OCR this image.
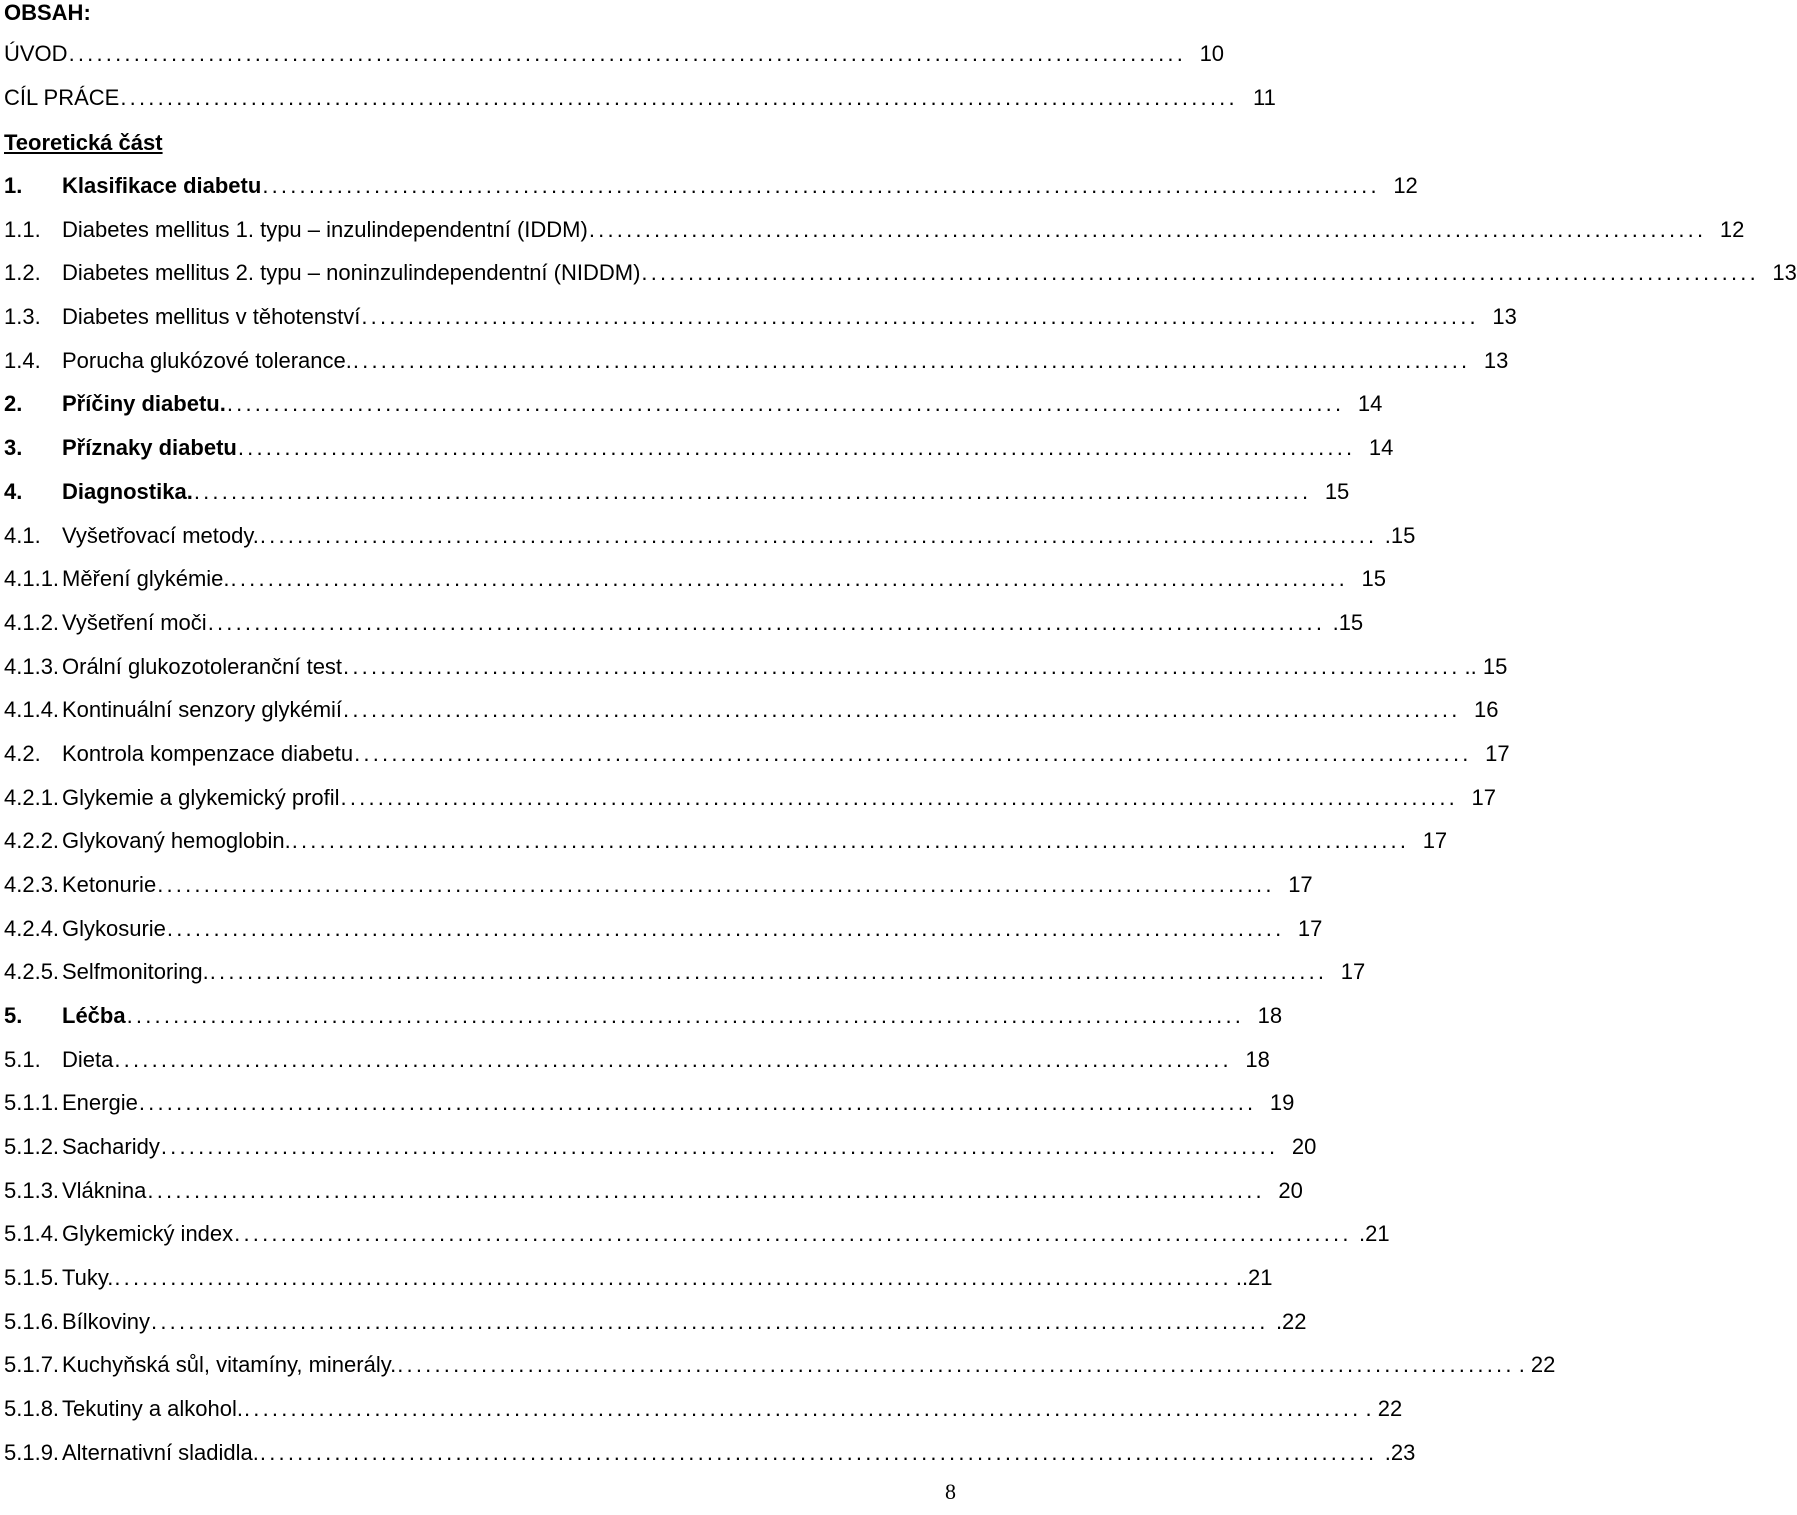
OBSAH:
Teoretická část
ÚVOD ........................................................................................................................ 10
CÍL PRÁCE ........................................................................................................................ 11
1.	Klasifikace diabetu ........................................................................................................................ 12
1.1. Diabetes mellitus 1. typu – inzulindependentní (IDDM) ........................................................................................................................ 12
1.2. Diabetes mellitus 2. typu – noninzulindependentní (NIDDM) ........................................................................................................................ 13
1.3. Diabetes mellitus v těhotenství ........................................................................................................................ 13
1.4. Porucha glukózové tolerance. ........................................................................................................................ 13
2.	Příčiny diabetu. ........................................................................................................................ 14
3.	Příznaky diabetu ........................................................................................................................ 14
4.	Diagnostika. ........................................................................................................................ 15
4.1. Vyšetřovací metody. ........................................................................................................................ .15
4.1.1. Měření glykémie. ........................................................................................................................ 15
4.1.2. Vyšetření moči ........................................................................................................................ .15
4.1.3. Orální glukozotoleranční test ........................................................................................................................ .. 15
4.1.4. Kontinuální senzory glykémií ........................................................................................................................ 16
4.2. Kontrola kompenzace diabetu ........................................................................................................................ 17
4.2.1. Glykemie a glykemický profil ........................................................................................................................ 17
4.2.2. Glykovaný hemoglobin. ........................................................................................................................ 17
4.2.3. Ketonurie ........................................................................................................................ 17
4.2.4. Glykosurie ........................................................................................................................ 17
4.2.5. Selfmonitoring. ........................................................................................................................ 17
5.	Léčba ........................................................................................................................ 18
5.1. Dieta ........................................................................................................................ 18
5.1.1. Energie ........................................................................................................................ 19
5.1.2. Sacharidy ........................................................................................................................ 20
5.1.3. Vláknina ........................................................................................................................ 20
5.1.4. Glykemický index ........................................................................................................................ .21
5.1.5. Tuky. ........................................................................................................................ ..21
5.1.6. Bílkoviny ........................................................................................................................ .22
5.1.7. Kuchyňská sůl, vitamíny, minerály. ........................................................................................................................ . 22
5.1.8. Tekutiny a alkohol. ........................................................................................................................ . 22
5.1.9. Alternativní sladidla. ........................................................................................................................ .23
8
